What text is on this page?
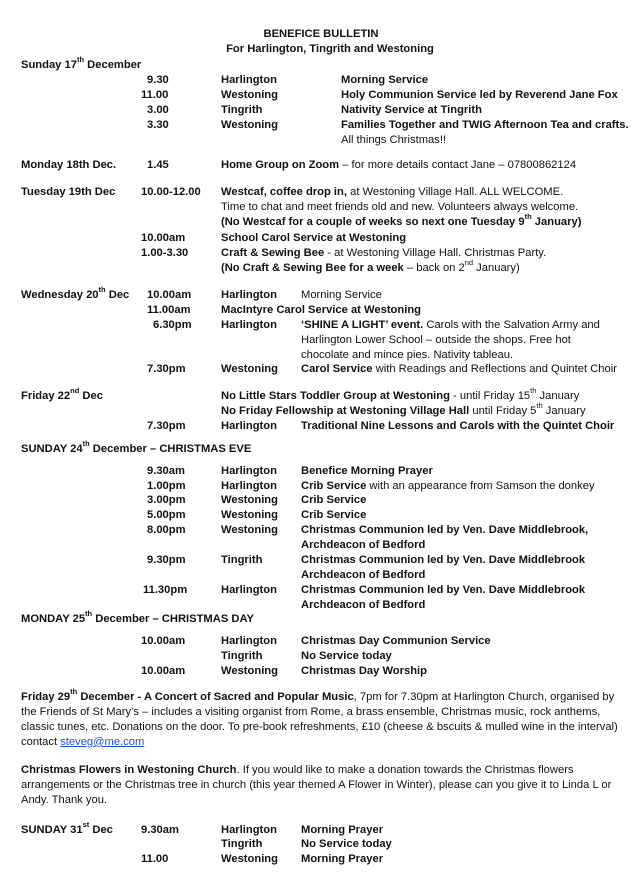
BENEFICE BULLETIN
For Harlington, Tingrith and Westoning
Sunday 17th December
9.30	Harlington	Morning Service
11.00	Westoning	Holy Communion Service led by Reverend Jane Fox
3.00	Tingrith	Nativity Service at Tingrith
3.30	Westoning	Families Together and TWIG Afternoon Tea and crafts.
All things Christmas!!
Monday 18th Dec.	1.45	Home Group on Zoom – for more details contact Jane – 07800862124
Tuesday 19th Dec 10.00-12.00 Westcaf, coffee drop in, at Westoning Village Hall. ALL WELCOME.
Time to chat and meet friends old and new. Volunteers always welcome.
(No Westcaf for a couple of weeks so next one Tuesday 9th January)
10.00am	School Carol Service at Westoning
1.00-3.30	Craft & Sewing Bee - at Westoning Village Hall. Christmas Party.
(No Craft & Sewing Bee for a week – back on 2nd January)
Wednesday 20th Dec 10.00am	Harlington Morning Service
11.00am	MacIntyre Carol Service at Westoning
6.30pm	Harlington ‘SHINE A LIGHT’ event. Carols with the Salvation Army and
Harlington Lower School – outside the shops. Free hot
chocolate and mince pies. Nativity tableau.
7.30pm	Westoning Carol Service with Readings and Reflections and Quintet Choir
Friday 22nd Dec	No Little Stars Toddler Group at Westoning - until Friday 15th January
No Friday Fellowship at Westoning Village Hall until Friday 5th January
7.30pm	Harlington Traditional Nine Lessons and Carols with the Quintet Choir
SUNDAY 24th December – CHRISTMAS EVE
9.30am	Harlington Benefice Morning Prayer
1.00pm	Harlington Crib Service with an appearance from Samson the donkey
3.00pm	Westoning Crib Service
5.00pm	Westoning Crib Service
8.00pm	Westoning Christmas Communion led by Ven. Dave Middlebrook,
Archdeacon of Bedford
9.30pm	Tingrith	Christmas Communion led by Ven. Dave Middlebrook
Archdeacon of Bedford
11.30pm	Harlington Christmas Communion led by Ven. Dave Middlebrook
Archdeacon of Bedford
MONDAY 25th December – CHRISTMAS DAY
10.00am	Harlington Christmas Day Communion Service
Tingrith	No Service today
10.00am	Westoning Christmas Day Worship
Friday 29th December - A Concert of Sacred and Popular Music, 7pm for 7.30pm at Harlington Church, organised by the Friends of St Mary’s – includes a visiting organist from Rome, a brass ensemble, Christmas music, rock anthems, classic tunes, etc. Donations on the door. To pre-book refreshments, £10 (cheese & bscuits & mulled wine in the interval) contact steveg@me.com
Christmas Flowers in Westoning Church. If you would like to make a donation towards the Christmas flowers arrangements or the Christmas tree in church (this year themed A Flower in Winter), please can you give it to Linda L or Andy. Thank you.
SUNDAY 31st Dec	9.30am	Harlington Morning Prayer
Tingrith	No Service today
11.00	Westoning Morning Prayer
